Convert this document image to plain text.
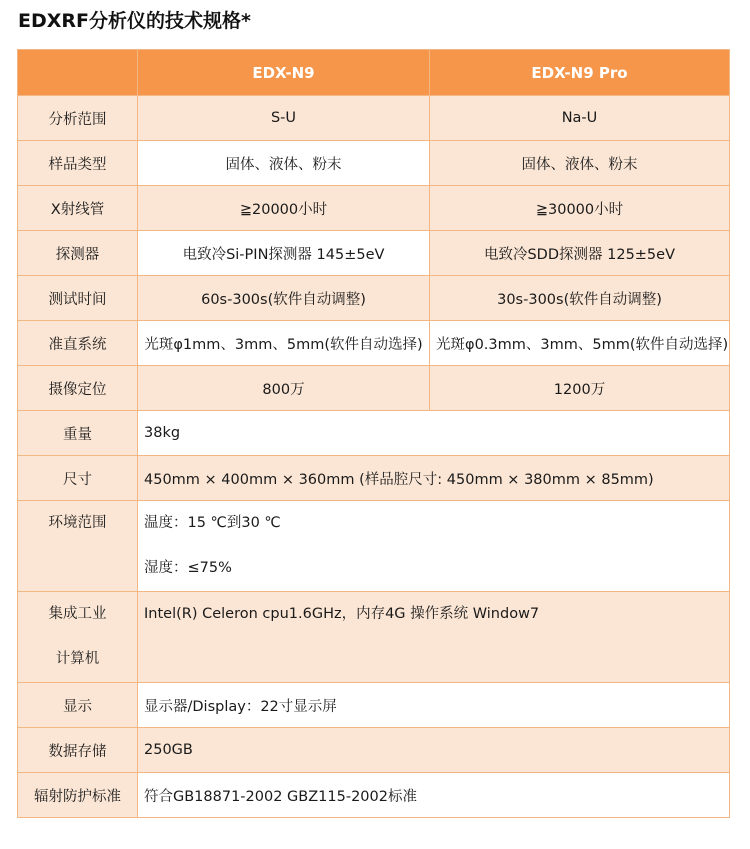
EDXRF分析仪的技术规格*
	EDX-N9	EDX-N9 Pro
分析范围	S-U	Na-U
样品类型	固体、液体、粉末	固体、液体、粉末
X射线管	≧20000小时	≧30000小时
探测器	电致冷Si-PIN探测器 145±5eV	电致冷SDD探测器 125±5eV
测试时间	60s-300s(软件自动调整)	30s-300s(软件自动调整)
准直系统	光斑φ1mm、3mm、5mm(软件自动选择)	光斑φ0.3mm、3mm、5mm(软件自动选择)
摄像定位	800万	1200万
重量	38kg	
尺寸	450mm × 400mm × 360mm (样品腔尺寸: 450mm × 380mm × 85mm)	

环境范围	温度：15 ℃到30 ℃
湿度：≤75%	

集成工业
计算机	Intel(R) Celeron cpu1.6GHz，内存4G 操作系统 Window7	

显示	显示器/Display：22寸显示屏	
数据存储	250GB	
辐射防护标准	符合GB18871-2002 GBZ115-2002标准	
